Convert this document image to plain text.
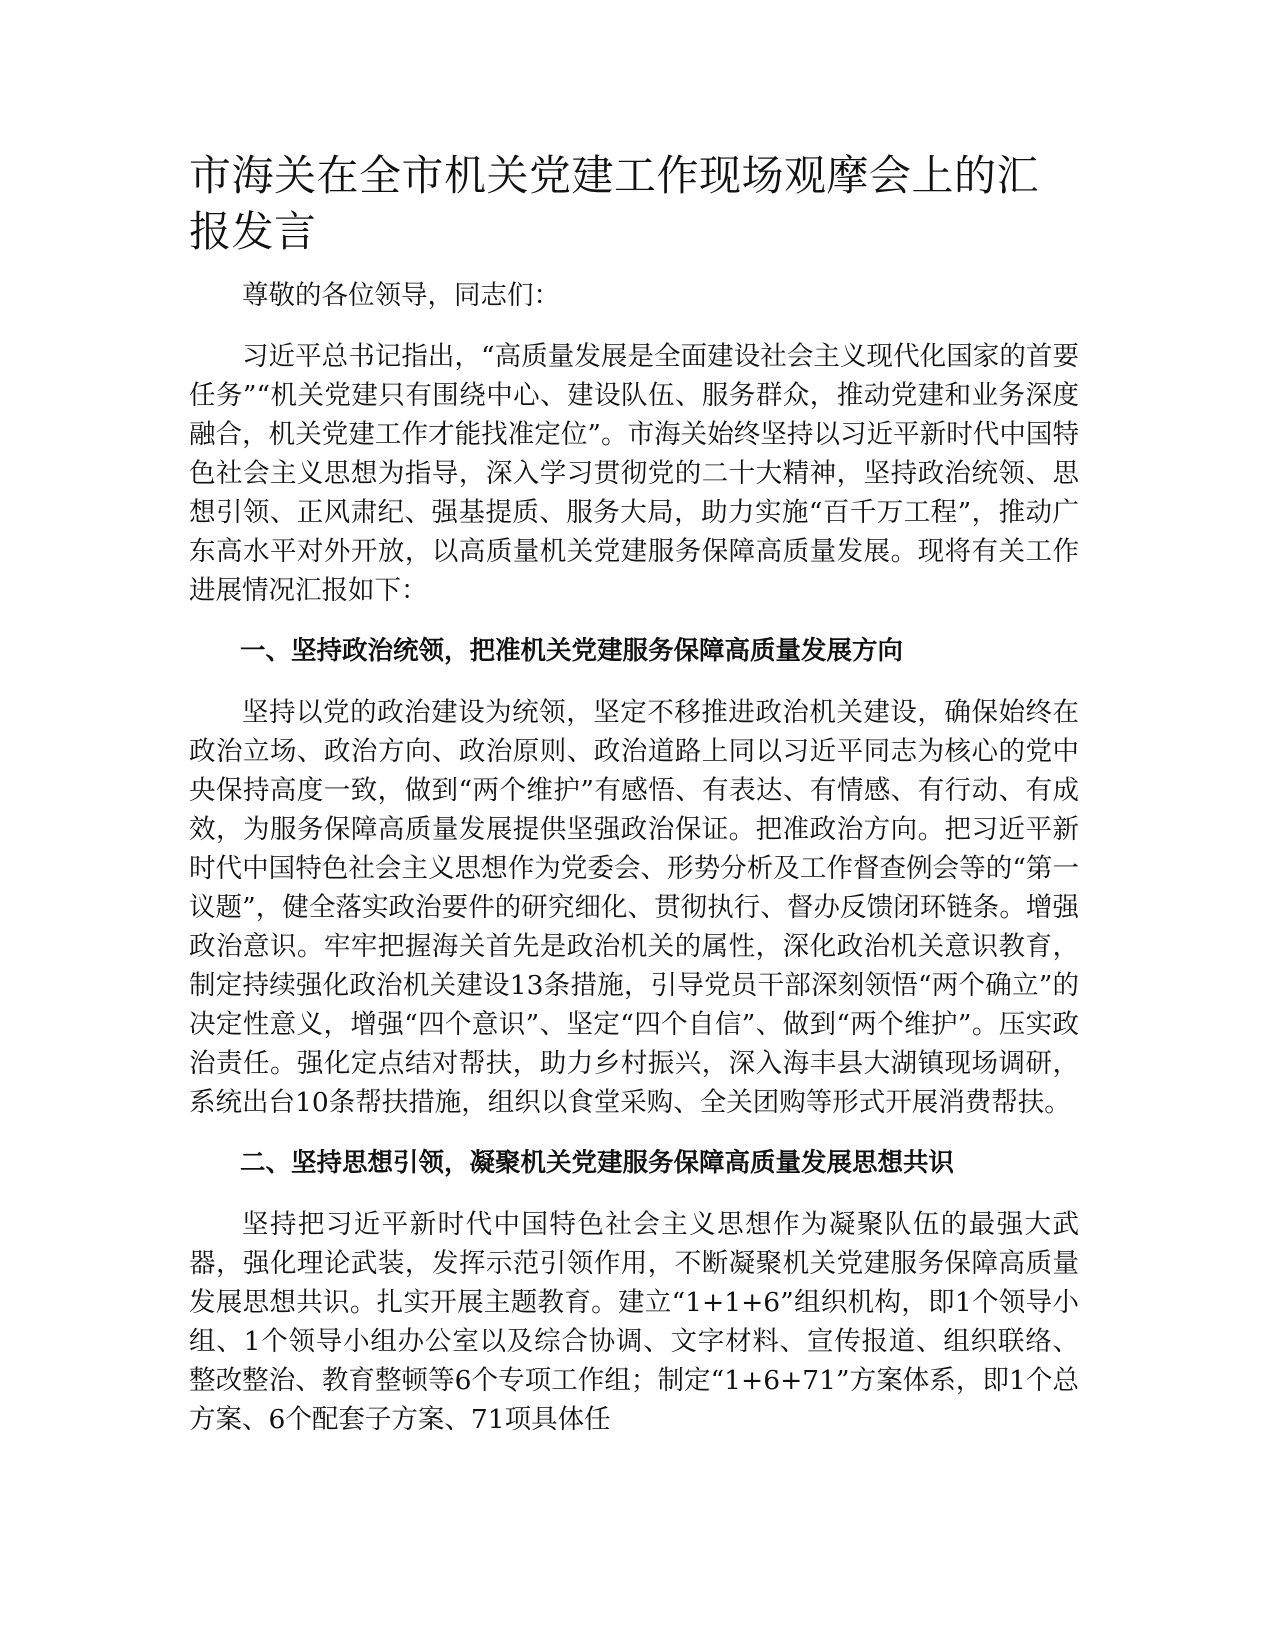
市海关在全市机关党建工作现场观摩会上的汇报发言

尊敬的各位领导，同志们：

习近平总书记指出，“高质量发展是全面建设社会主义现代化国家的首要任务”“机关党建只有围绕中心、建设队伍、服务群众，推动党建和业务深度融合，机关党建工作才能找准定位”。市海关始终坚持以习近平新时代中国特色社会主义思想为指导，深入学习贯彻党的二十大精神，坚持政治统领、思想引领、正风肃纪、强基提质、服务大局，助力实施“百千万工程”，推动广东高水平对外开放，以高质量机关党建服务保障高质量发展。现将有关工作进展情况汇报如下：

一、坚持政治统领，把准机关党建服务保障高质量发展方向

坚持以党的政治建设为统领，坚定不移推进政治机关建设，确保始终在政治立场、政治方向、政治原则、政治道路上同以习近平同志为核心的党中央保持高度一致，做到“两个维护”有感悟、有表达、有情感、有行动、有成效，为服务保障高质量发展提供坚强政治保证。把准政治方向。把习近平新时代中国特色社会主义思想作为党委会、形势分析及工作督查例会等的“第一议题”，健全落实政治要件的研究细化、贯彻执行、督办反馈闭环链条。增强政治意识。牢牢把握海关首先是政治机关的属性，深化政治机关意识教育，制定持续强化政治机关建设13条措施，引导党员干部深刻领悟“两个确立”的决定性意义，增强“四个意识”、坚定“四个自信”、做到“两个维护”。压实政治责任。强化定点结对帮扶，助力乡村振兴，深入海丰县大湖镇现场调研，系统出台10条帮扶措施，组织以食堂采购、全关团购等形式开展消费帮扶。

二、坚持思想引领，凝聚机关党建服务保障高质量发展思想共识

坚持把习近平新时代中国特色社会主义思想作为凝聚队伍的最强大武器，强化理论武装，发挥示范引领作用，不断凝聚机关党建服务保障高质量发展思想共识。扎实开展主题教育。建立“1+1+6”组织机构，即1个领导小组、1个领导小组办公室以及综合协调、文字材料、宣传报道、组织联络、整改整治、教育整顿等6个专项工作组；制定“1+6+71”方案体系，即1个总方案、6个配套子方案、71项具体任
